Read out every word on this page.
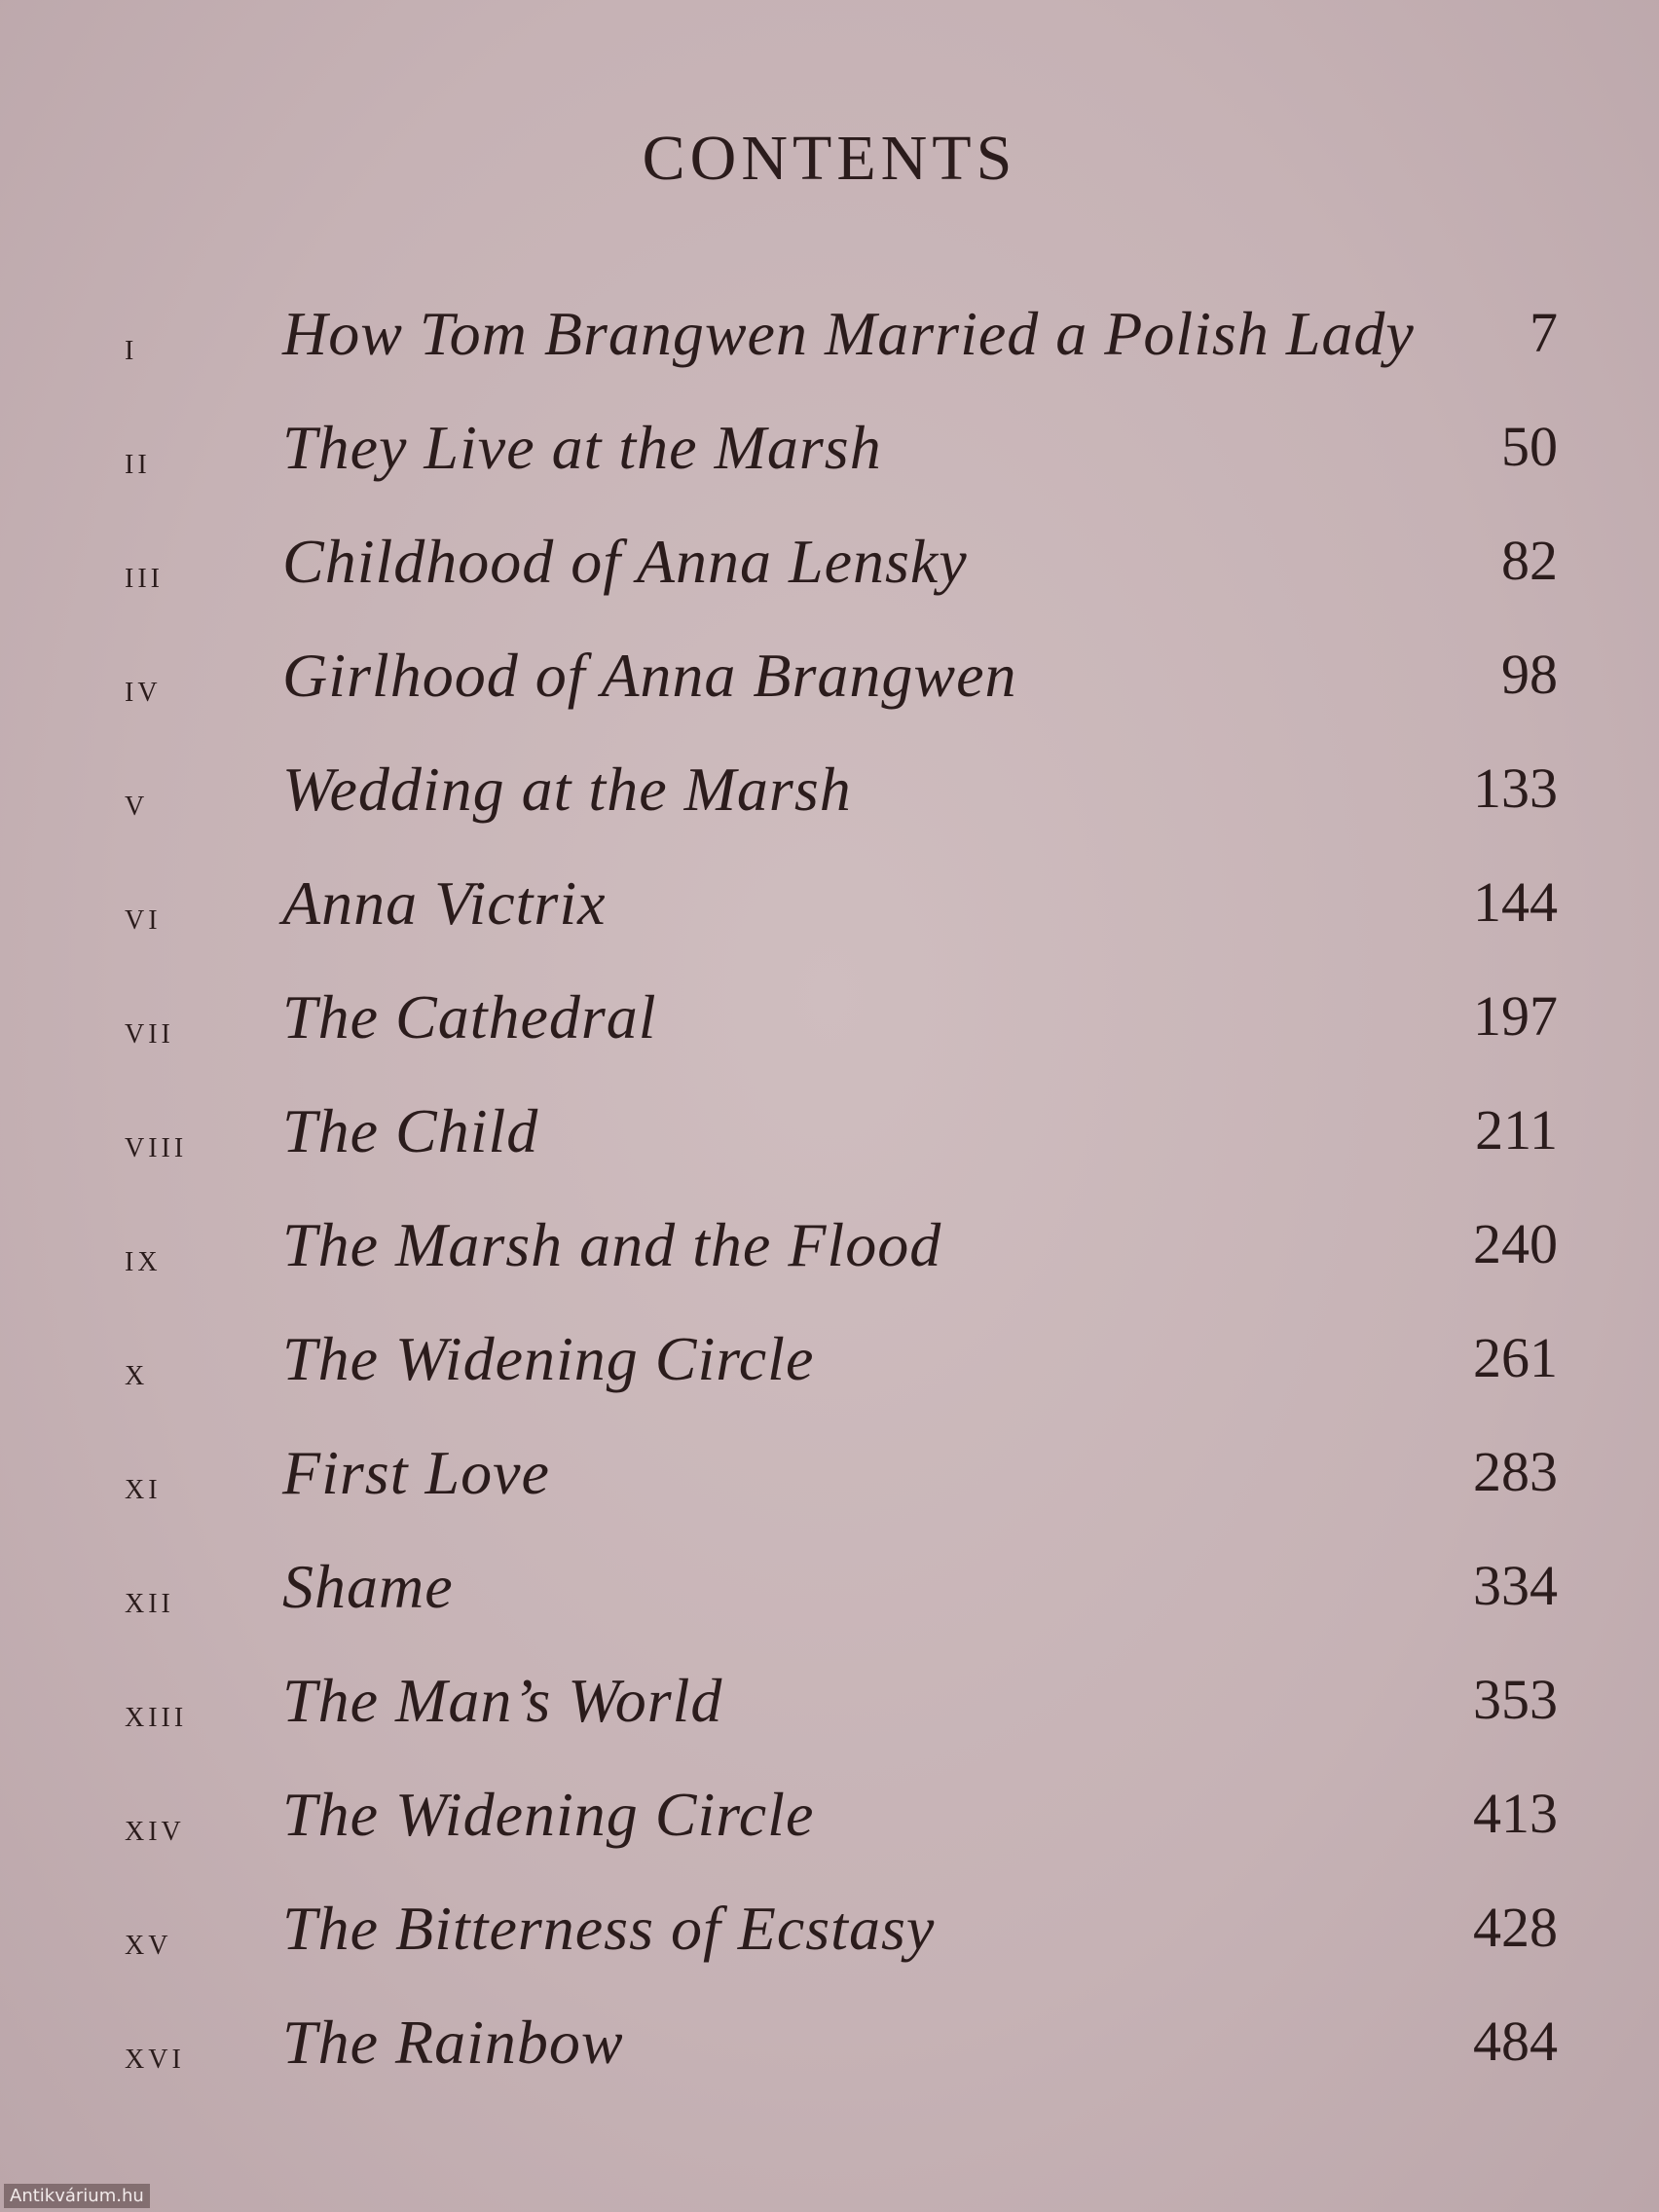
CONTENTS
i How Tom Brangwen Married a Polish Lady 7
ii They Live at the Marsh	50
iii Childhood of Anna Lensky	82
iv Girlhood of Anna Brangwen	98
v Wedding at the Marsh	133
vi Anna Victrix	144
vii The Cathedral	197
viii The Child	211
ix The Marsh and the Flood	240
x The Widening Circle	261
xi First Love	283
xii Shame	334
xiii The Man’s World	353
xiv The Widening Circle	413
xv The Bitterness of Ecstasy	428
xvi The Rainbow	484
Antikvárium.hu
